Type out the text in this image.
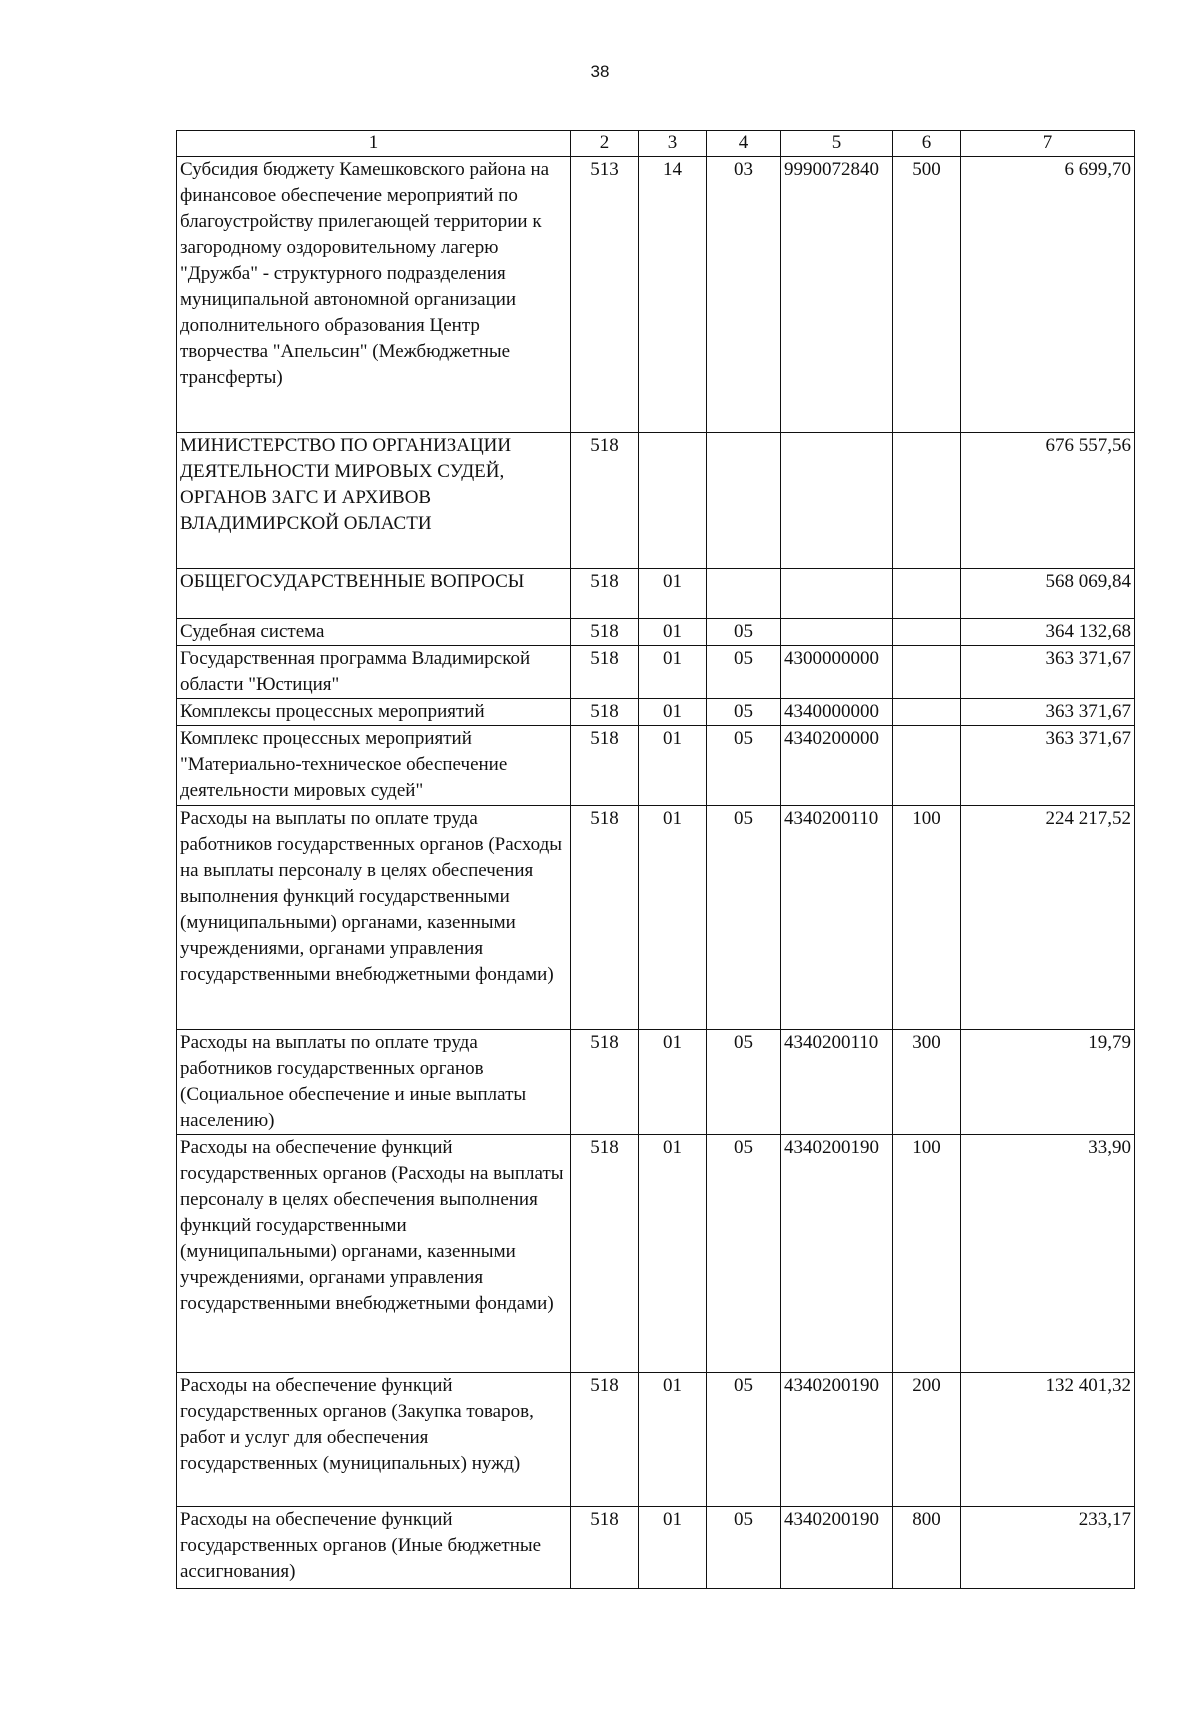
38
1	2	3	4	5	6	7
Субсидия бюджету Камешковского района на финансовое обеспечение мероприятий по благоустройству прилегающей территории к загородному оздоровительному лагерю "Дружба" - структурного подразделения муниципальной автономной организации дополнительного образования Центр творчества "Апельсин" (Межбюджетные трансферты)	513	14	03	9990072840	500	6 699,70
МИНИСТЕРСТВО ПО ОРГАНИЗАЦИИ ДЕЯТЕЛЬНОСТИ МИРОВЫХ СУДЕЙ, ОРГАНОВ ЗАГС И АРХИВОВ ВЛАДИМИРСКОЙ ОБЛАСТИ	518					676 557,56
ОБЩЕГОСУДАРСТВЕННЫЕ ВОПРОСЫ	518	01				568 069,84
Судебная система	518	01	05			364 132,68
Государственная программа Владимирской области "Юстиция"	518	01	05	4300000000		363 371,67
Комплексы процессных мероприятий	518	01	05	4340000000		363 371,67
Комплекс процессных мероприятий "Материально-техническое обеспечение деятельности мировых судей"	518	01	05	4340200000		363 371,67
Расходы на выплаты по оплате труда работников государственных органов (Расходы на выплаты персоналу в целях обеспечения выполнения функций государственными (муниципальными) органами, казенными учреждениями, органами управления государственными внебюджетными фондами)	518	01	05	4340200110	100	224 217,52
Расходы на выплаты по оплате труда работников государственных органов (Социальное обеспечение и иные выплаты населению)	518	01	05	4340200110	300	19,79
Расходы на обеспечение функций государственных органов (Расходы на выплаты персоналу в целях обеспечения выполнения функций государственными (муниципальными) органами, казенными учреждениями, органами управления государственными внебюджетными фондами)	518	01	05	4340200190	100	33,90
Расходы на обеспечение функций государственных органов (Закупка товаров, работ и услуг для обеспечения государственных (муниципальных) нужд)	518	01	05	4340200190	200	132 401,32
Расходы на обеспечение функций государственных органов (Иные бюджетные ассигнования)	518	01	05	4340200190	800	233,17
